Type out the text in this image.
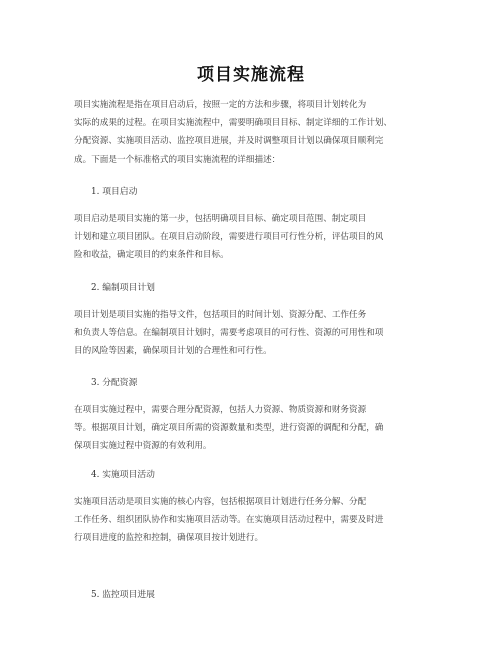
项目实施流程
项目实施流程是指在项目启动后，按照一定的方法和步骤，将项目计划转化为
实际的成果的过程。在项目实施流程中，需要明确项目目标、制定详细的工作计划、
分配资源、实施项目活动、监控项目进展，并及时调整项目计划以确保项目顺利完
成。下面是一个标准格式的项目实施流程的详细描述：
1. 项目启动
项目启动是项目实施的第一步，包括明确项目目标、确定项目范围、制定项目
计划和建立项目团队。在项目启动阶段，需要进行项目可行性分析，评估项目的风
险和收益，确定项目的约束条件和目标。
2. 编制项目计划
项目计划是项目实施的指导文件，包括项目的时间计划、资源分配、工作任务
和负责人等信息。在编制项目计划时，需要考虑项目的可行性、资源的可用性和项
目的风险等因素，确保项目计划的合理性和可行性。
3. 分配资源
在项目实施过程中，需要合理分配资源，包括人力资源、物质资源和财务资源
等。根据项目计划，确定项目所需的资源数量和类型，进行资源的调配和分配，确
保项目实施过程中资源的有效利用。
4. 实施项目活动
实施项目活动是项目实施的核心内容，包括根据项目计划进行任务分解、分配
工作任务、组织团队协作和实施项目活动等。在实施项目活动过程中，需要及时进
行项目进度的监控和控制，确保项目按计划进行。
5. 监控项目进展
